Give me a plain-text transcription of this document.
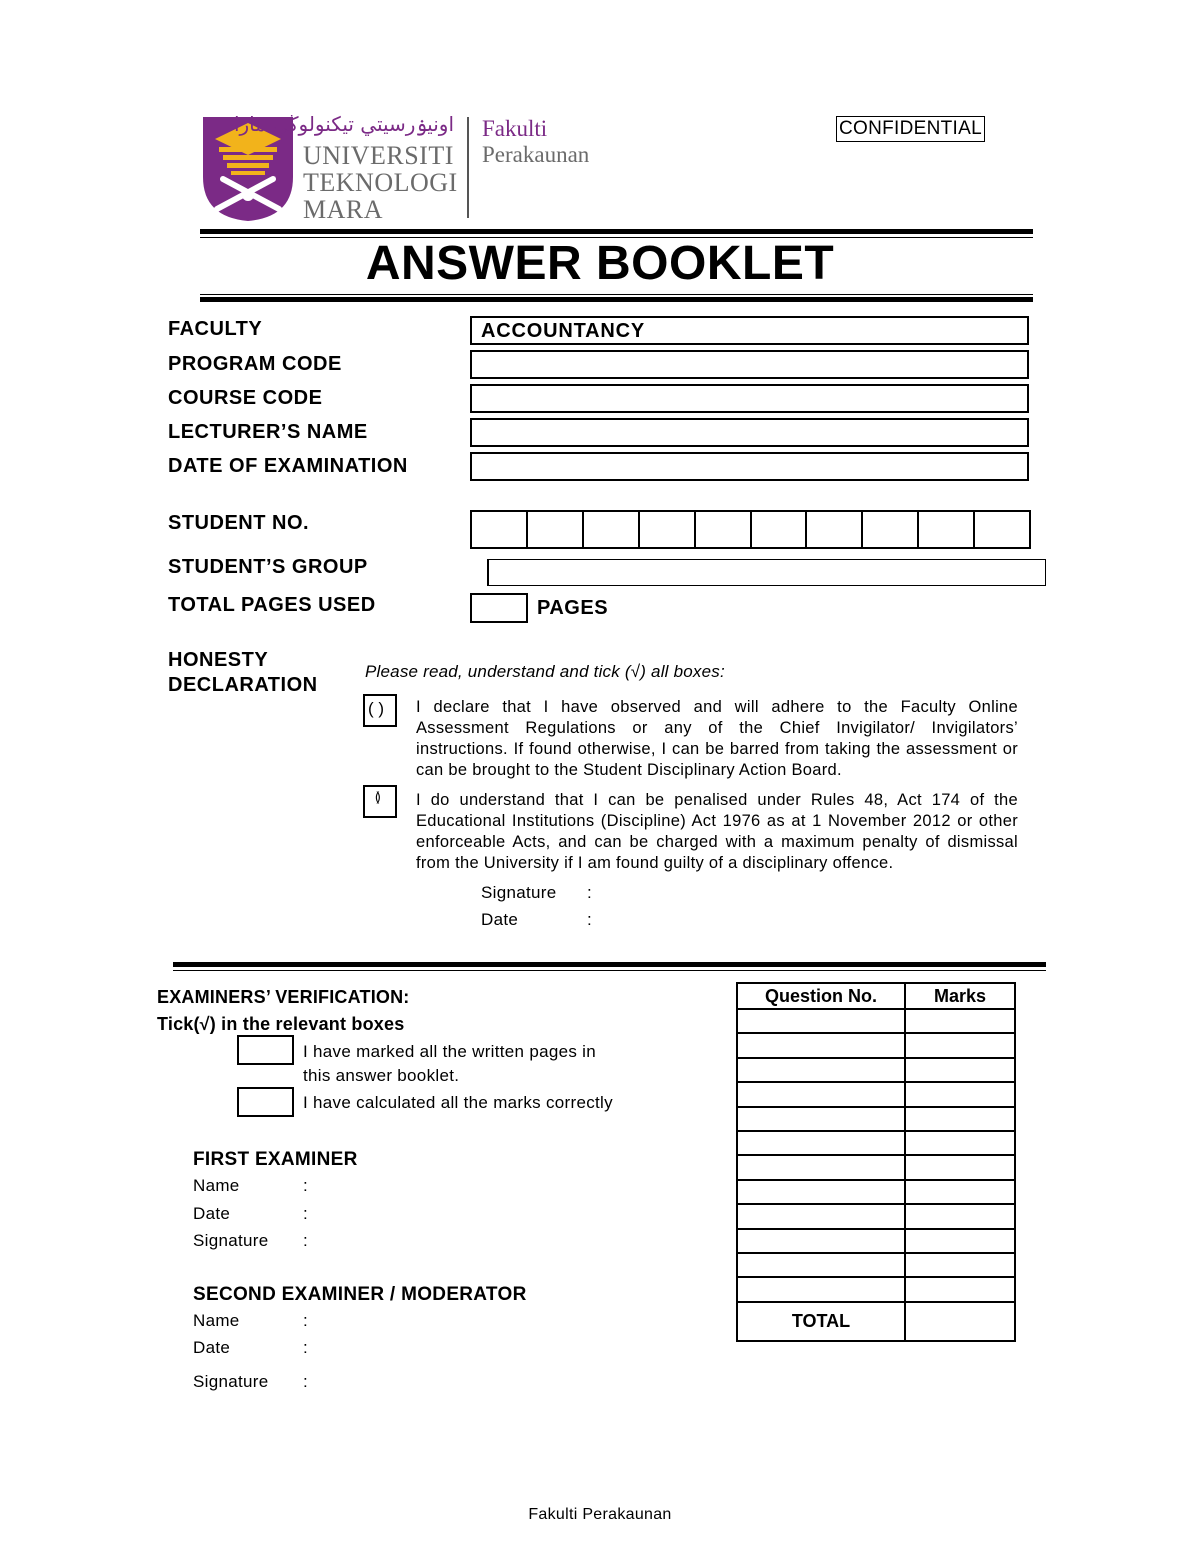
اونيۏرسيتي تيكنولوڬي مارا
UNIVERSITI
TEKNOLOGI
MARA
Fakulti
Perakaunan
CONFIDENTIAL
ANSWER BOOKLET
FACULTY	ACCOUNTANCY
PROGRAM CODE
COURSE CODE
LECTURER’S NAME
DATE OF EXAMINATION
STUDENT NO.
STUDENT’S GROUP
TOTAL PAGES USED	PAGES
HONESTY
DECLARATION
Please read, understand and tick (√) all boxes:
( ) I declare that I have observed and will adhere to the Faculty Online Assessment Regulations or any of the Chief Invigilator/ Invigilators’ instructions. If found otherwise, I can be barred from taking the assessment or can be brought to the Student Disciplinary Action Board.
() I do understand that I can be penalised under Rules 48, Act 174 of the Educational Institutions (Discipline) Act 1976 as at 1 November 2012 or other enforceable Acts, and can be charged with a maximum penalty of dismissal from the University if I am found guilty of a disciplinary offence.
Signature :
Date	:
EXAMINERS’ VERIFICATION:
Tick(√) in the relevant boxes
I have marked all the written pages in
this answer booklet.
I have calculated all the marks correctly
FIRST EXAMINER
Name	:
Date	:
Signature :
SECOND EXAMINER / MODERATOR
Name	:
Date	:
Signature :
Question No.	Marks

TOTAL	
Fakulti Perakaunan
